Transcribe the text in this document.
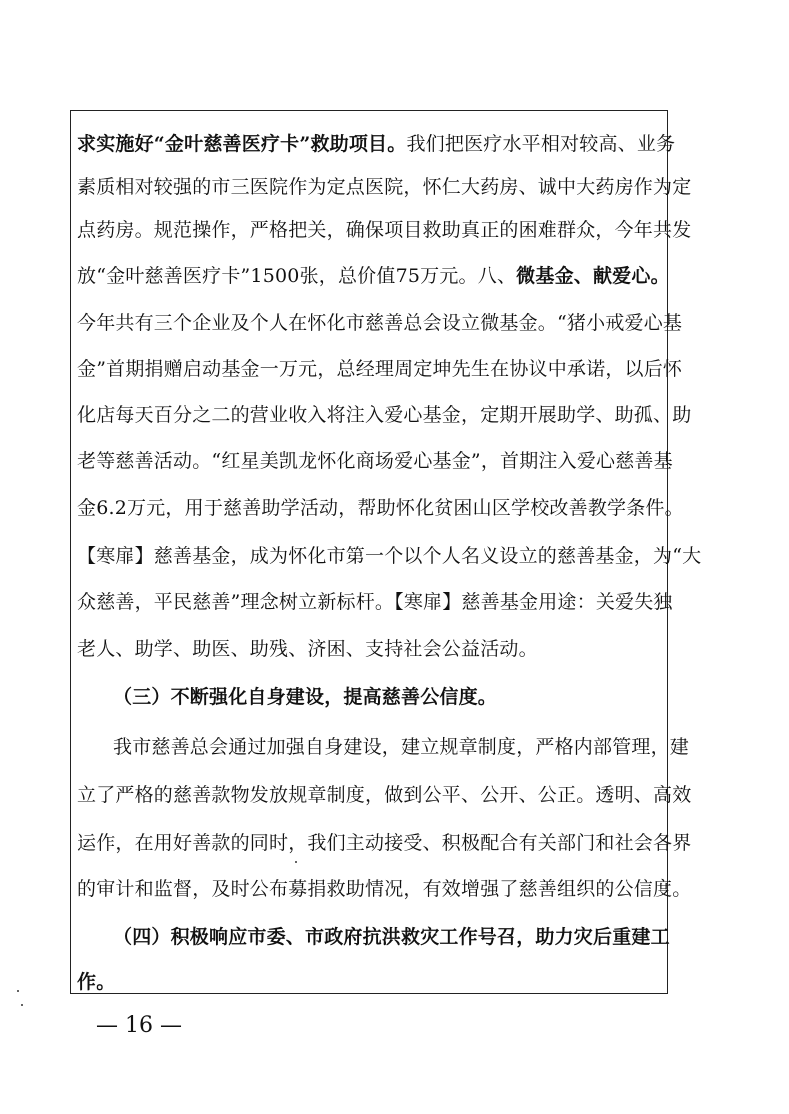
求实施好“金叶慈善医疗卡”救助项目。我们把医疗水平相对较高、业务
素质相对较强的市三医院作为定点医院，怀仁大药房、诚中大药房作为定
点药房。规范操作，严格把关，确保项目救助真正的困难群众，今年共发
放“金叶慈善医疗卡”1500张，总价值75万元。八、微基金、献爱心。
今年共有三个企业及个人在怀化市慈善总会设立微基金。“猪小戒爱心基
金”首期捐赠启动基金一万元，总经理周定坤先生在协议中承诺，以后怀
化店每天百分之二的营业收入将注入爱心基金，定期开展助学、助孤、助
老等慈善活动。“红星美凯龙怀化商场爱心基金”，首期注入爱心慈善基
金6.2万元，用于慈善助学活动，帮助怀化贫困山区学校改善教学条件。
【寒扉】慈善基金，成为怀化市第一个以个人名义设立的慈善基金，为“大
众慈善，平民慈善”理念树立新标杆。【寒扉】慈善基金用途：关爱失独
老人、助学、助医、助残、济困、支持社会公益活动。
（三）不断强化自身建设，提高慈善公信度。
我市慈善总会通过加强自身建设，建立规章制度，严格内部管理，建
立了严格的慈善款物发放规章制度，做到公平、公开、公正。透明、高效
运作，在用好善款的同时，我们主动接受、积极配合有关部门和社会各界
的审计和监督，及时公布募捐救助情况，有效增强了慈善组织的公信度。
（四）积极响应市委、市政府抗洪救灾工作号召，助力灾后重建工
作。
— 16 —
